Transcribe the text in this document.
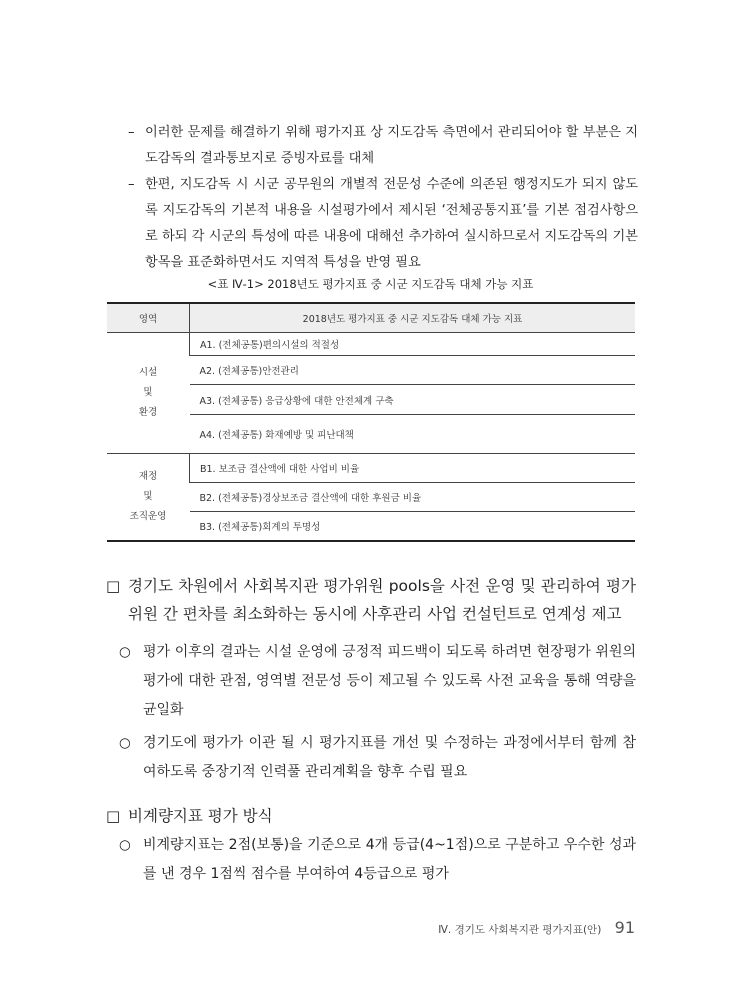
– 이러한 문제를 해결하기 위해 평가지표 상 지도감독 측면에서 관리되어야 할 부분은 지도감독의 결과통보지로 증빙자료를 대체
– 한편, 지도감독 시 시군 공무원의 개별적 전문성 수준에 의존된 행정지도가 되지 않도록 지도감독의 기본적 내용을 시설평가에서 제시된 ‘전체공통지표’를 기본 점검사항으로 하되 각 시군의 특성에 따른 내용에 대해선 추가하여 실시하므로서 지도감독의 기본항목을 표준화하면서도 지역적 특성을 반영 필요
<표 Ⅳ-1> 2018년도 평가지표 중 시군 지도감독 대체 가능 지표
영역	2018년도 평가지표 중 시군 지도감독 대체 가능 지표

시설
및
환경	A1. (전체공통)편의시설의 적절성
	A2. (전체공통)안전관리
	A3. (전체공통) 응급상황에 대한 안전체계 구축
	A4. (전체공통) 화재예방 및 피난대책

재정
및
조직운영	B1. 보조금 결산액에 대한 사업비 비율
	B2. (전체공통)경상보조금 결산액에 대한 후원금 비율
	B3. (전체공통)회계의 투명성
□ 경기도 차원에서 사회복지관 평가위원 pools을 사전 운영 및 관리하여 평가위원 간 편차를 최소화하는 동시에 사후관리 사업 컨설턴트로 연계성 제고
○ 평가 이후의 결과는 시설 운영에 긍정적 피드백이 되도록 하려면 현장평가 위원의 평가에 대한 관점, 영역별 전문성 등이 제고될 수 있도록 사전 교육을 통해 역량을 균일화
○ 경기도에 평가가 이관 될 시 평가지표를 개선 및 수정하는 과정에서부터 함께 참여하도록 중장기적 인력풀 관리계획을 향후 수립 필요
□ 비계량지표 평가 방식
○ 비계량지표는 2점(보통)을 기준으로 4개 등급(4~1점)으로 구분하고 우수한 성과를 낸 경우 1점씩 점수를 부여하여 4등급으로 평가
Ⅳ. 경기도 사회복지관 평가지표(안) 91
